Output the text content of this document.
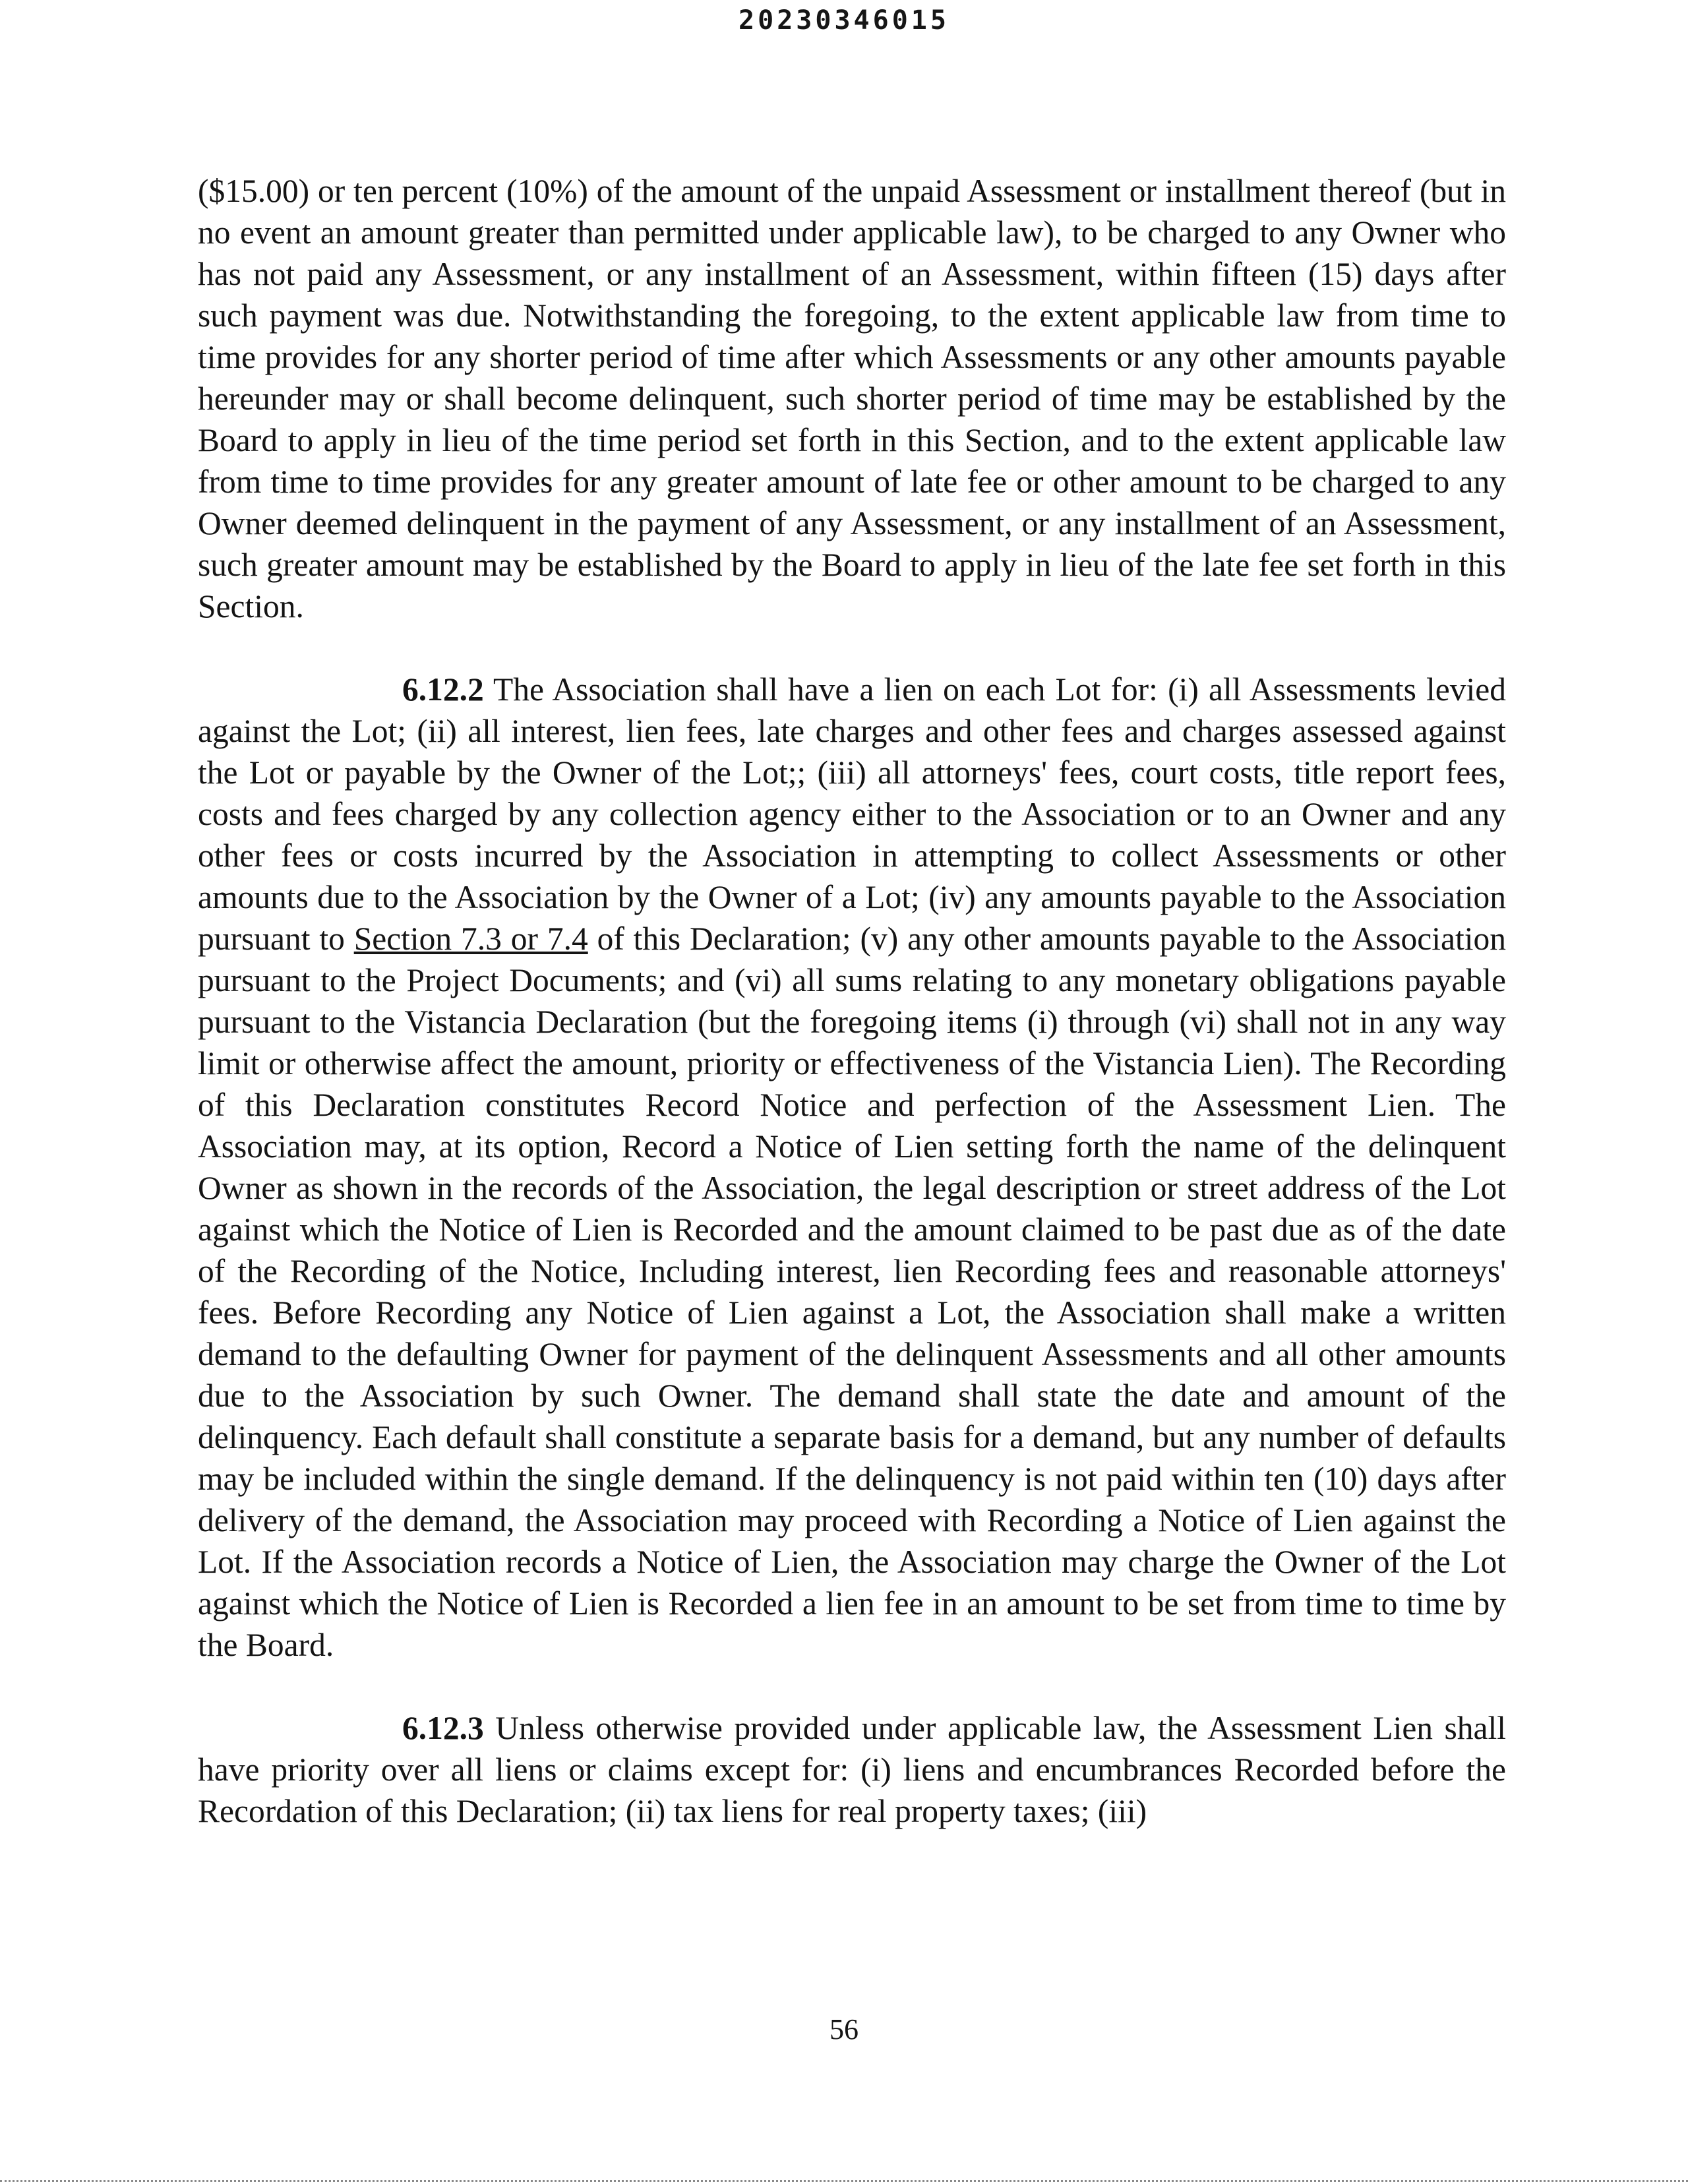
20230346015

($15.00) or ten percent (10%) of the amount of the unpaid Assessment or installment thereof (but in no event an amount greater than permitted under applicable law), to be charged to any Owner who has not paid any Assessment, or any installment of an Assessment, within fifteen (15) days after such payment was due. Notwithstanding the foregoing, to the extent applicable law from time to time provides for any shorter period of time after which Assessments or any other amounts payable hereunder may or shall become delinquent, such shorter period of time may be established by the Board to apply in lieu of the time period set forth in this Section, and to the extent applicable law from time to time provides for any greater amount of late fee or other amount to be charged to any Owner deemed delinquent in the payment of any Assessment, or any installment of an Assessment, such greater amount may be established by the Board to apply in lieu of the late fee set forth in this Section.

6.12.2 The Association shall have a lien on each Lot for: (i) all Assessments levied against the Lot; (ii) all interest, lien fees, late charges and other fees and charges assessed against the Lot or payable by the Owner of the Lot;; (iii) all attorneys' fees, court costs, title report fees, costs and fees charged by any collection agency either to the Association or to an Owner and any other fees or costs incurred by the Association in attempting to collect Assessments or other amounts due to the Association by the Owner of a Lot; (iv) any amounts payable to the Association pursuant to Section 7.3 or 7.4 of this Declaration; (v) any other amounts payable to the Association pursuant to the Project Documents; and (vi) all sums relating to any monetary obligations payable pursuant to the Vistancia Declaration (but the foregoing items (i) through (vi) shall not in any way limit or otherwise affect the amount, priority or effectiveness of the Vistancia Lien). The Recording of this Declaration constitutes Record Notice and perfection of the Assessment Lien. The Association may, at its option, Record a Notice of Lien setting forth the name of the delinquent Owner as shown in the records of the Association, the legal description or street address of the Lot against which the Notice of Lien is Recorded and the amount claimed to be past due as of the date of the Recording of the Notice, Including interest, lien Recording fees and reasonable attorneys' fees. Before Recording any Notice of Lien against a Lot, the Association shall make a written demand to the defaulting Owner for payment of the delinquent Assessments and all other amounts due to the Association by such Owner. The demand shall state the date and amount of the delinquency. Each default shall constitute a separate basis for a demand, but any number of defaults may be included within the single demand. If the delinquency is not paid within ten (10) days after delivery of the demand, the Association may proceed with Recording a Notice of Lien against the Lot. If the Association records a Notice of Lien, the Association may charge the Owner of the Lot against which the Notice of Lien is Recorded a lien fee in an amount to be set from time to time by the Board.

6.12.3 Unless otherwise provided under applicable law, the Assessment Lien shall have priority over all liens or claims except for: (i) liens and encumbrances Recorded before the Recordation of this Declaration; (ii) tax liens for real property taxes; (iii)

56
